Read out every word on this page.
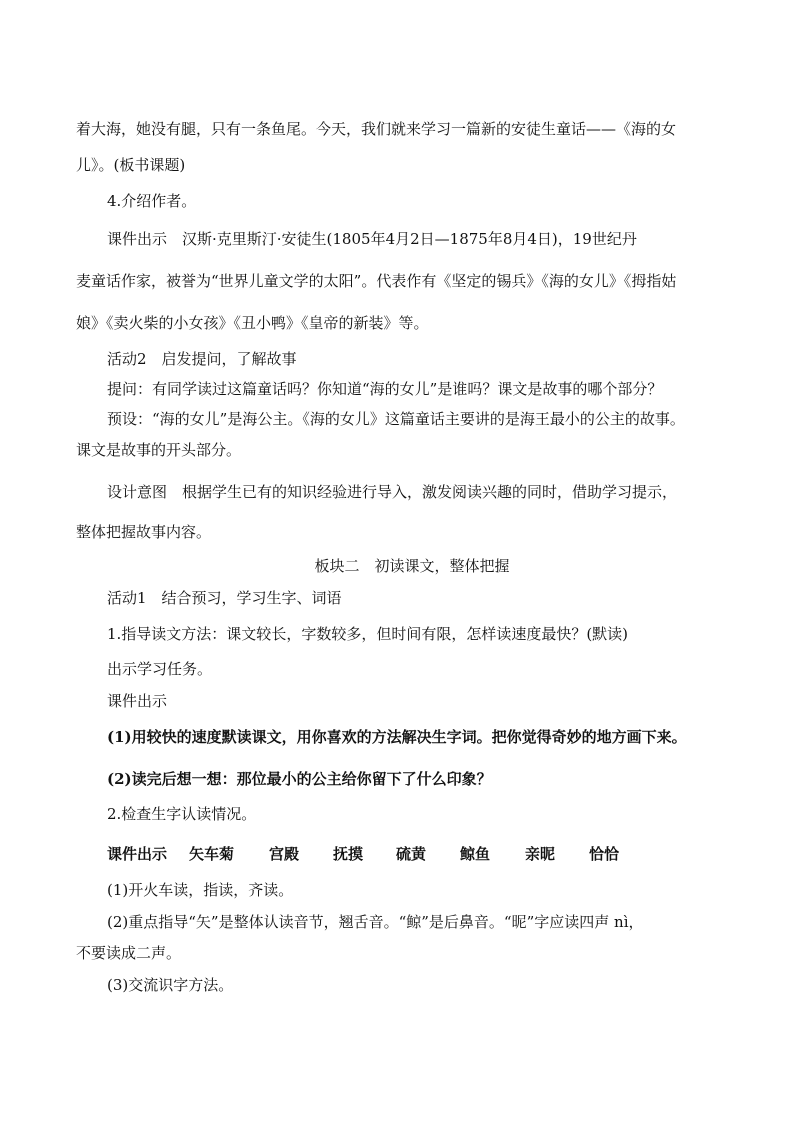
着大海，她没有腿，只有一条鱼尾。今天，我们就来学习一篇新的安徒生童话——《海的女
儿》。(板书课题)
4.介绍作者。
课件出示　汉斯·克里斯汀·安徒生(1805年4月2日—1875年8月4日)，19世纪丹
麦童话作家，被誉为“世界儿童文学的太阳”。代表作有《坚定的锡兵》《海的女儿》《拇指姑
娘》《卖火柴的小女孩》《丑小鸭》《皇帝的新装》等。
活动2　启发提问，了解故事
提问：有同学读过这篇童话吗？你知道“海的女儿”是谁吗？课文是故事的哪个部分？
预设：“海的女儿”是海公主。《海的女儿》这篇童话主要讲的是海王最小的公主的故事。
课文是故事的开头部分。
设计意图　根据学生已有的知识经验进行导入，激发阅读兴趣的同时，借助学习提示，
整体把握故事内容。
板块二　初读课文，整体把握
活动1　结合预习，学习生字、词语
1.指导读文方法：课文较长，字数较多，但时间有限，怎样读速度最快？(默读)
出示学习任务。
课件出示
(1)用较快的速度默读课文，用你喜欢的方法解决生字词。把你觉得奇妙的地方画下来。
(2)读完后想一想：那位最小的公主给你留下了什么印象？
2.检查生字认读情况。
课件出示 矢车菊 宫殿 抚摸 硫黄 鲸鱼 亲昵 恰恰
(1)开火车读，指读，齐读。
(2)重点指导“矢”是整体认读音节，翘舌音。“鲸”是后鼻音。“昵”字应读四声 nì，
不要读成二声。
(3)交流识字方法。
